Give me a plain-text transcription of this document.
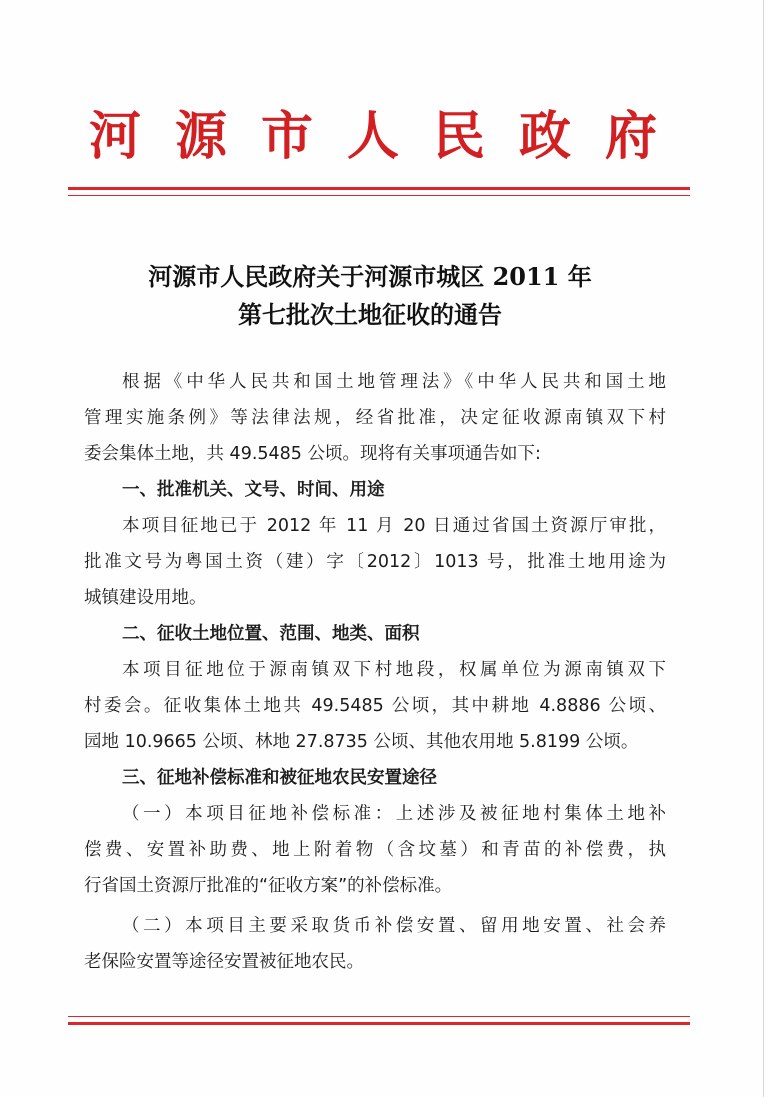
河源市人民政府
河源市人民政府关于河源市城区 2011 年
第七批次土地征收的通告
根据《中华人民共和国土地管理法》《中华人民共和国土地
管理实施条例》等法律法规，经省批准，决定征收源南镇双下村
委会集体土地，共 49.5485 公顷。现将有关事项通告如下:
一、批准机关、文号、时间、用途
本项目征地已于 2012 年 11 月 20 日通过省国土资源厅审批，
批准文号为粤国土资（建）字〔2012〕1013 号，批准土地用途为
城镇建设用地。
二、征收土地位置、范围、地类、面积
本项目征地位于源南镇双下村地段，权属单位为源南镇双下
村委会。征收集体土地共 49.5485 公顷，其中耕地 4.8886 公顷、
园地 10.9665 公顷、林地 27.8735 公顷、其他农用地 5.8199 公顷。
三、征地补偿标准和被征地农民安置途径
（一）本项目征地补偿标准：上述涉及被征地村集体土地补
偿费、安置补助费、地上附着物（含坟墓）和青苗的补偿费，执
行省国土资源厅批准的“征收方案”的补偿标准。
（二）本项目主要采取货币补偿安置、留用地安置、社会养
老保险安置等途径安置被征地农民。
